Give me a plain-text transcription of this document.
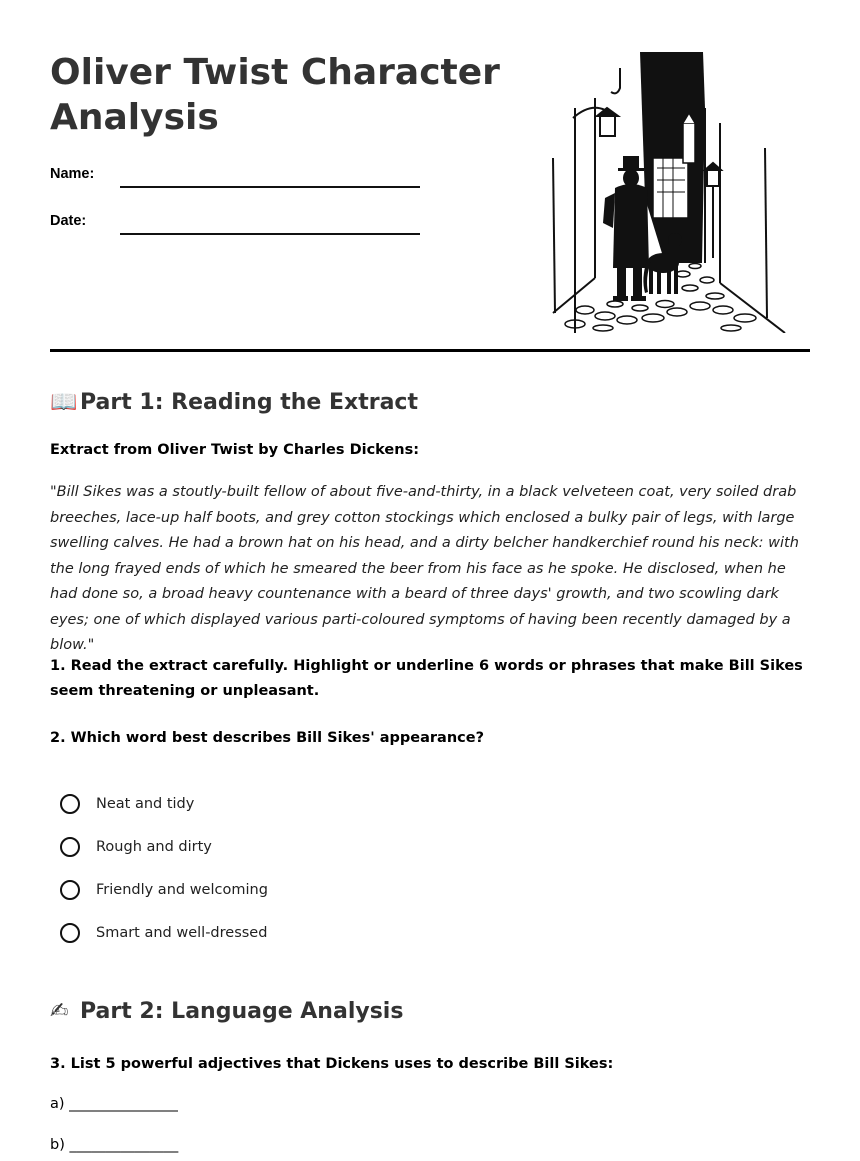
Oliver Twist Character Analysis
Name:
Date:
📖 Part 1: Reading the Extract
Extract from Oliver Twist by Charles Dickens:
"Bill Sikes was a stoutly-built fellow of about five-and-thirty, in a black velveteen coat, very soiled drab breeches, lace-up half boots, and grey cotton stockings which enclosed a bulky pair of legs, with large swelling calves. He had a brown hat on his head, and a dirty belcher handkerchief round his neck: with the long frayed ends of which he smeared the beer from his face as he spoke. He disclosed, when he had done so, a broad heavy countenance with a beard of three days' growth, and two scowling dark eyes; one of which displayed various parti-coloured symptoms of having been recently damaged by a blow."
1. Read the extract carefully. Highlight or underline 6 words or phrases that make Bill Sikes seem threatening or unpleasant.
2. Which word best describes Bill Sikes' appearance?
Neat and tidy
Rough and dirty
Friendly and welcoming
Smart and well-dressed
✍ Part 2: Language Analysis
3. List 5 powerful adjectives that Dickens uses to describe Bill Sikes:
a) _______________
b) _______________
